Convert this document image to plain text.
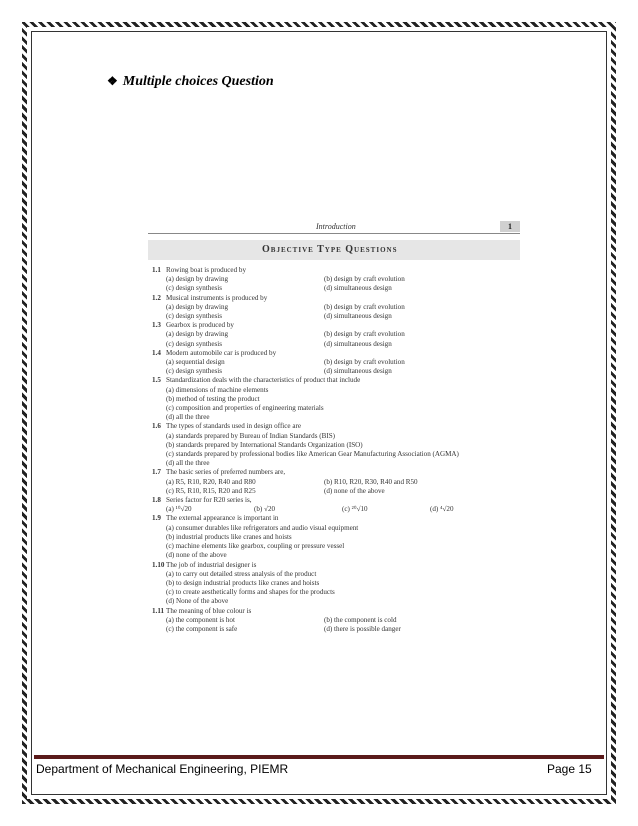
❖ Multiple choices Question
Introduction	1
Objective Type Questions
1.1 Rowing boat is produced by
(a) design by drawing	(b) design by craft evolution
(c) design synthesis	(d) simultaneous design
1.2 Musical instruments is produced by
(a) design by drawing	(b) design by craft evolution
(c) design synthesis	(d) simultaneous design
1.3 Gearbox is produced by
(a) design by drawing	(b) design by craft evolution
(c) design synthesis	(d) simultaneous design
1.4 Modern automobile car is produced by
(a) sequential design	(b) design by craft evolution
(c) design synthesis	(d) simultaneous design
1.5 Standardization deals with the characteristics of product that include
(a) dimensions of machine elements
(b) method of testing the product
(c) composition and properties of engineering materials
(d) all the three
1.6 The types of standards used in design office are
(a) standards prepared by Bureau of Indian Standards (BIS)
(b) standards prepared by International Standards Organization (ISO)
(c) standards prepared by professional bodies like American Gear Manufacturing Association (AGMA)
(d) all the three
1.7 The basic series of preferred numbers are,
(a) R5, R10, R20, R40 and R80	(b) R10, R20, R30, R40 and R50
(c) R5, R10, R15, R20 and R25	(d) none of the above
1.8 Series factor for R20 series is,
(a) ¹⁰√20	(b) √20	(c) ²⁰√10	(d) ⁴√20
1.9 The external appearance is important in
(a) consumer durables like refrigerators and audio visual equipment
(b) industrial products like cranes and hoists
(c) machine elements like gearbox, coupling or pressure vessel
(d) none of the above
1.10 The job of industrial designer is
(a) to carry out detailed stress analysis of the product
(b) to design industrial products like cranes and hoists
(c) to create aesthetically forms and shapes for the products
(d) None of the above
1.11 The meaning of blue colour is
(a) the component is hot	(b) the component is cold
(c) the component is safe	(d) there is possible danger
Department of Mechanical Engineering, PIEMR	Page 15
